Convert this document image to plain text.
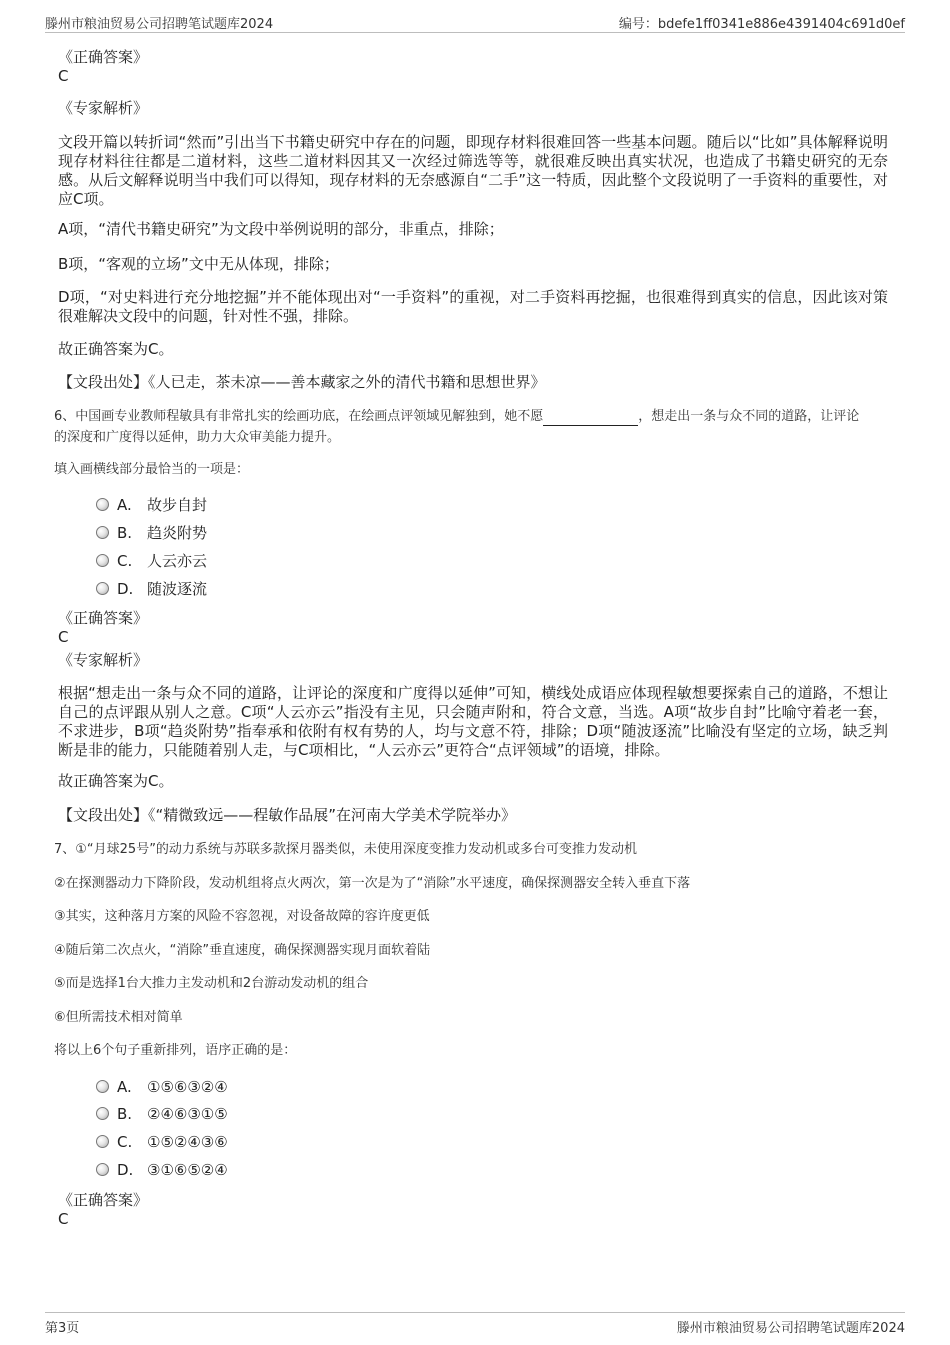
滕州市粮油贸易公司招聘笔试题库2024	编号：bdefe1ff0341e886e4391404c691d0ef
《正确答案》
C
《专家解析》
文段开篇以转折词“然而”引出当下书籍史研究中存在的问题，即现存材料很难回答一些基本问题。随后以“比如”具体解释说明现存材料往往都是二道材料，这些二道材料因其又一次经过筛选等等，就很难反映出真实状况，也造成了书籍史研究的无奈感。从后文解释说明当中我们可以得知，现存材料的无奈感源自“二手”这一特质，因此整个文段说明了一手资料的重要性，对应C项。
A项，“清代书籍史研究”为文段中举例说明的部分，非重点，排除；
B项，“客观的立场”文中无从体现，排除；
D项，“对史料进行充分地挖掘”并不能体现出对“一手资料”的重视，对二手资料再挖掘，也很难得到真实的信息，因此该对策很难解决文段中的问题，针对性不强，排除。
故正确答案为C。
【文段出处】《人已走，茶未凉——善本藏家之外的清代书籍和思想世界》
6、中国画专业教师程敏具有非常扎实的绘画功底，在绘画点评领域见解独到，她不愿	，想走出一条与众不同的道路，让评论
的深度和广度得以延伸，助力大众审美能力提升。
填入画横线部分最恰当的一项是：
A. 故步自封
B. 趋炎附势
C. 人云亦云
D. 随波逐流
《正确答案》
C
《专家解析》
根据“想走出一条与众不同的道路，让评论的深度和广度得以延伸”可知，横线处成语应体现程敏想要探索自己的道路，不想让自己的点评跟从别人之意。C项“人云亦云”指没有主见，只会随声附和，符合文意，当选。A项“故步自封”比喻守着老一套，不求进步，B项“趋炎附势”指奉承和依附有权有势的人，均与文意不符，排除；D项“随波逐流”比喻没有坚定的立场，缺乏判断是非的能力，只能随着别人走，与C项相比，“人云亦云”更符合“点评领域”的语境，排除。
故正确答案为C。
【文段出处】《“精微致远——程敏作品展”在河南大学美术学院举办》
7、①“月球25号”的动力系统与苏联多款探月器类似，未使用深度变推力发动机或多台可变推力发动机
②在探测器动力下降阶段，发动机组将点火两次，第一次是为了“消除”水平速度，确保探测器安全转入垂直下落
③其实，这种落月方案的风险不容忽视，对设备故障的容许度更低
④随后第二次点火，“消除”垂直速度，确保探测器实现月面软着陆
⑤而是选择1台大推力主发动机和2台游动发动机的组合
⑥但所需技术相对简单
将以上6个句子重新排列，语序正确的是：
A. ①⑤⑥③②④
B. ②④⑥③①⑤
C. ①⑤②④③⑥
D. ③①⑥⑤②④
《正确答案》
C
第3页	滕州市粮油贸易公司招聘笔试题库2024
